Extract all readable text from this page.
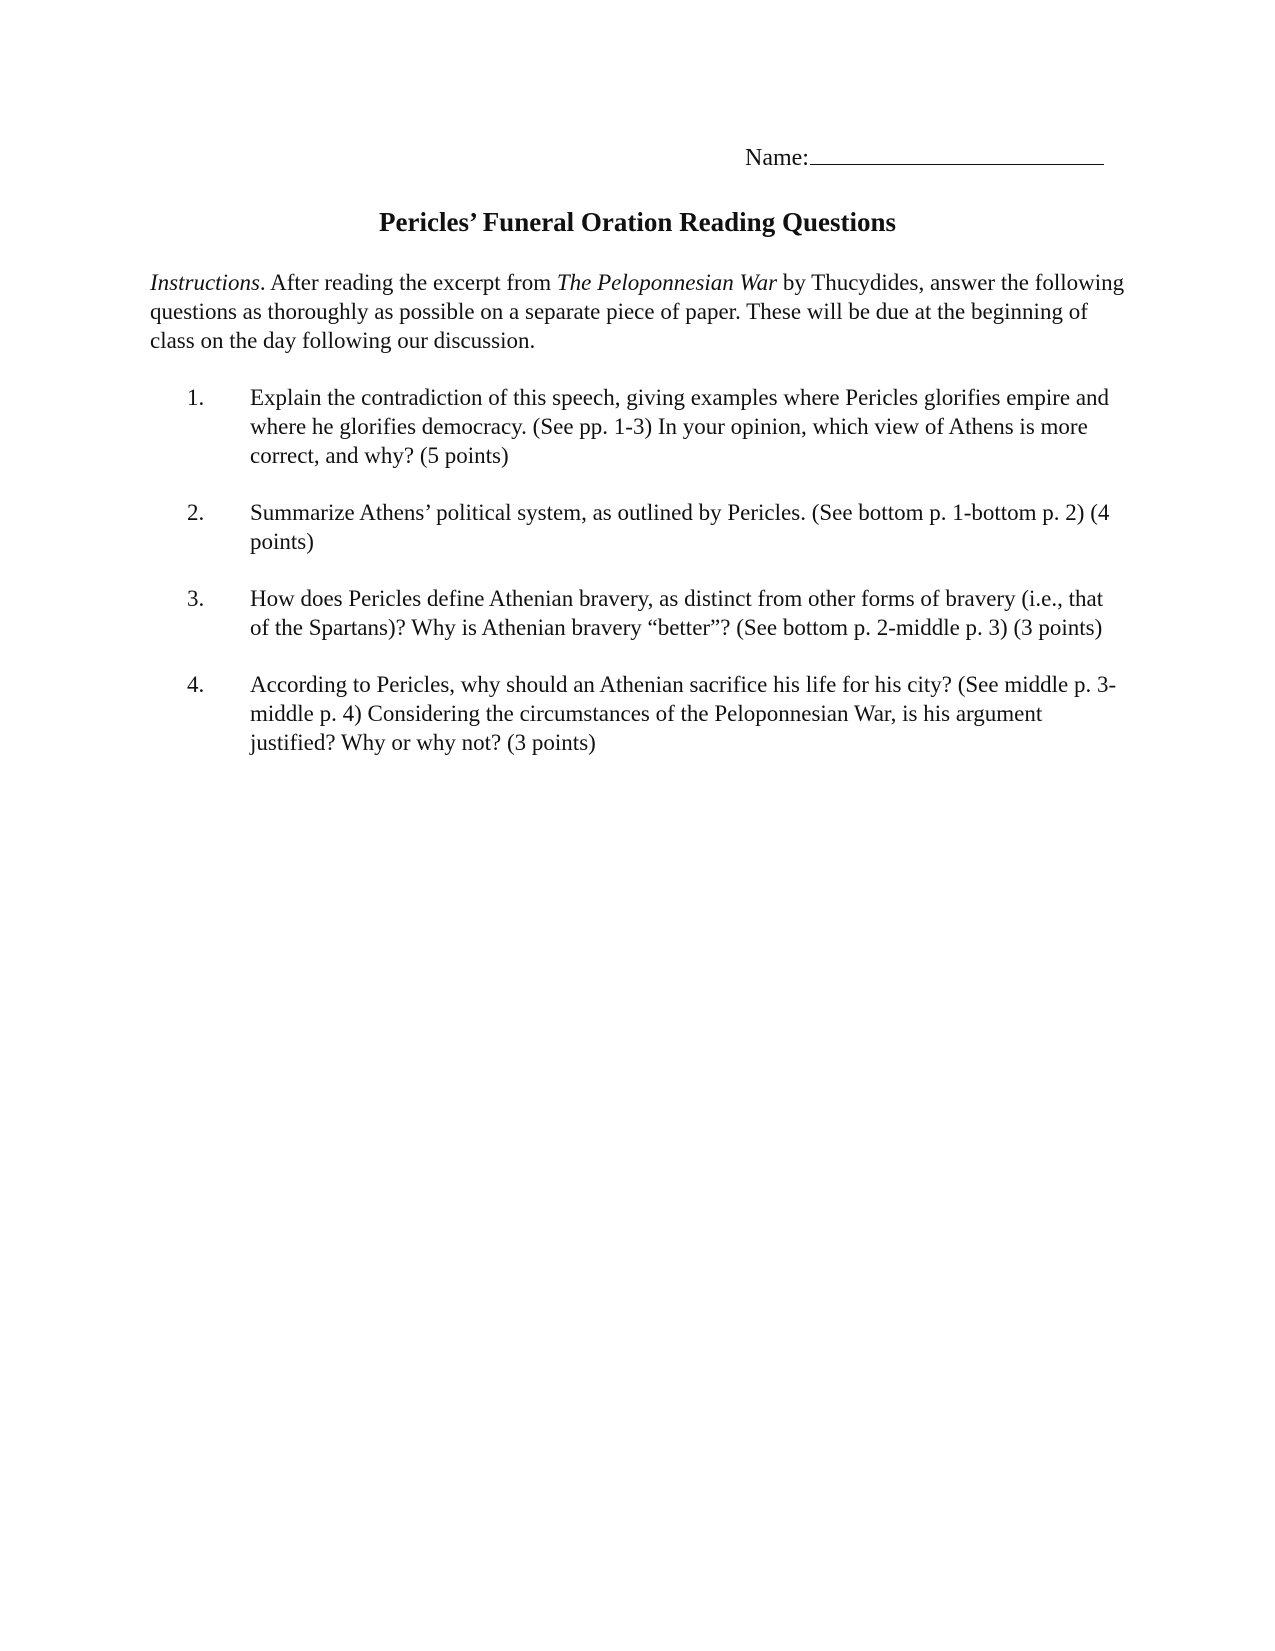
Name:
Pericles’ Funeral Oration Reading Questions
Instructions. After reading the excerpt from The Peloponnesian War by Thucydides, answer the following questions as thoroughly as possible on a separate piece of paper. These will be due at the beginning of class on the day following our discussion.
1.	Explain the contradiction of this speech, giving examples where Pericles glorifies empire and where he glorifies democracy. (See pp. 1-3) In your opinion, which view of Athens is more correct, and why? (5 points)
2.	Summarize Athens’ political system, as outlined by Pericles. (See bottom p. 1-bottom p. 2) (4 points)
3.	How does Pericles define Athenian bravery, as distinct from other forms of bravery (i.e., that of the Spartans)? Why is Athenian bravery “better”? (See bottom p. 2-middle p. 3) (3 points)
4.	According to Pericles, why should an Athenian sacrifice his life for his city? (See middle p. 3-middle p. 4) Considering the circumstances of the Peloponnesian War, is his argument justified? Why or why not? (3 points)
